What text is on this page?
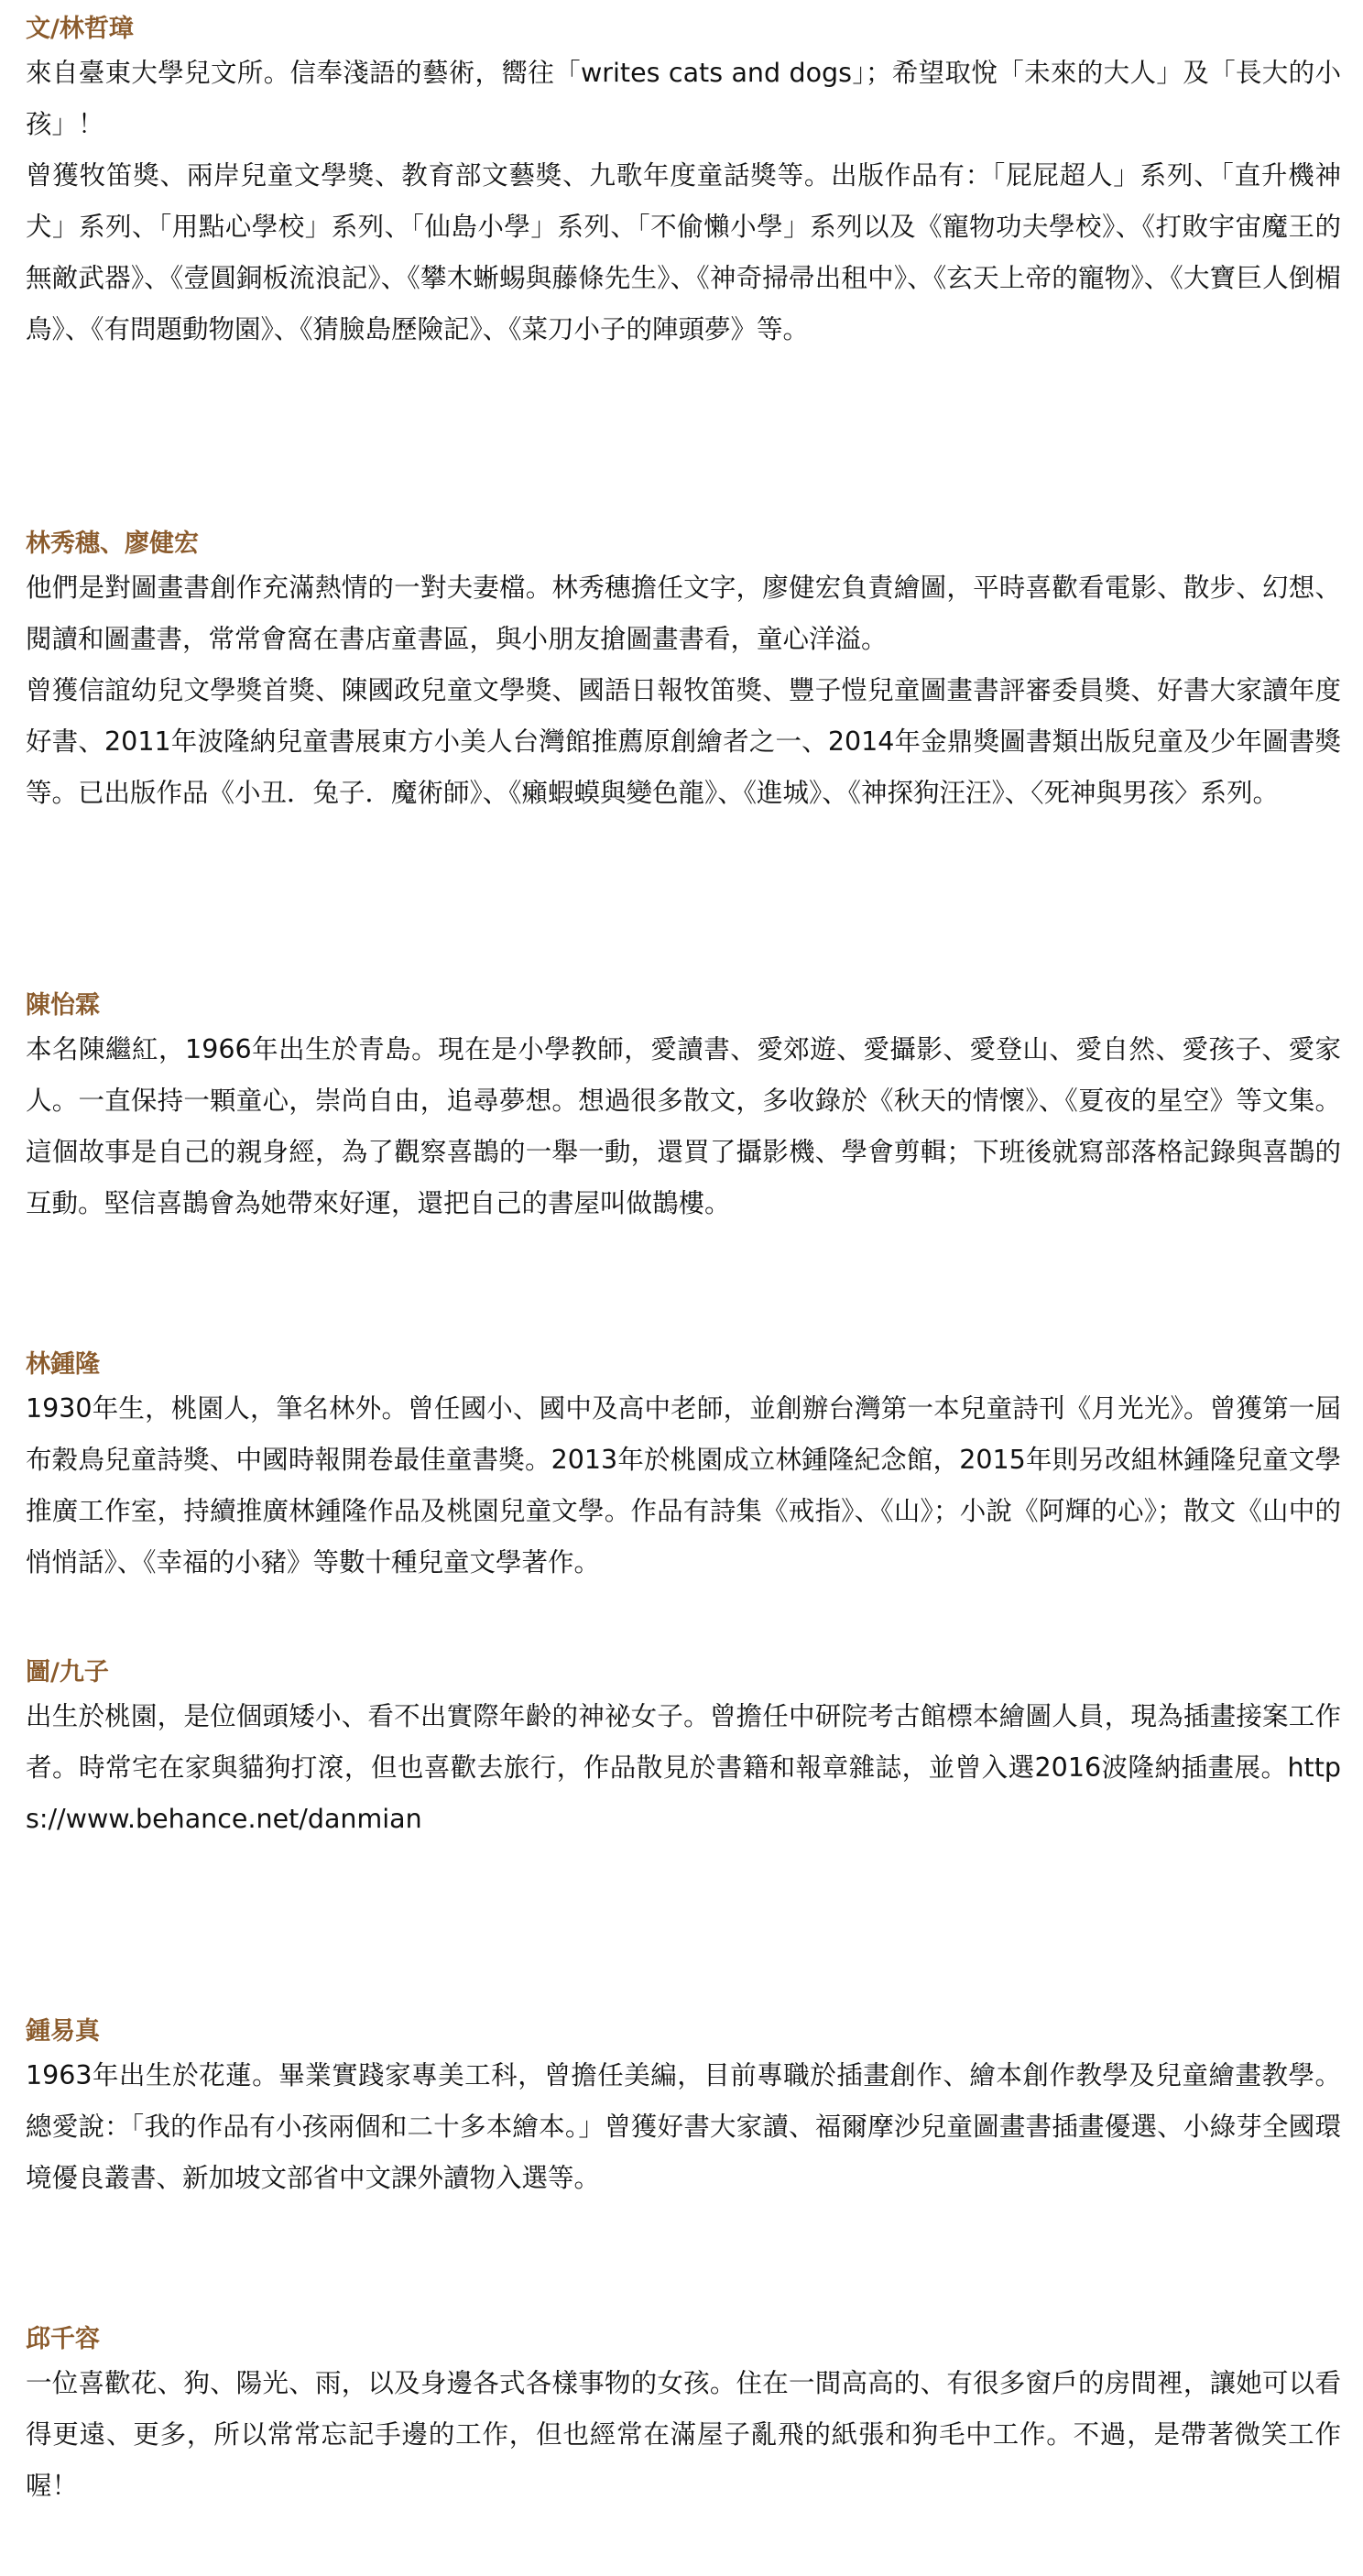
文/林哲璋

來自臺東大學兒文所。信奉淺語的藝術，嚮往「writes cats and dogs」；希望取悅「未來的大人」及「長大的小孩」！

曾獲牧笛獎、兩岸兒童文學獎、教育部文藝獎、九歌年度童話獎等。出版作品有：「屁屁超人」系列、「直升機神犬」系列、「用點心學校」系列、「仙島小學」系列、「不偷懶小學」系列以及《寵物功夫學校》、《打敗宇宙魔王的無敵武器》、《壹圓銅板流浪記》、《攀木蜥蜴與藤條先生》、《神奇掃帚出租中》、《玄天上帝的寵物》、《大寶巨人倒楣鳥》、《有問題動物園》、《猜臉島歷險記》、《菜刀小子的陣頭夢》等。

林秀穗、廖健宏

他們是對圖畫書創作充滿熱情的一對夫妻檔。林秀穗擔任文字，廖健宏負責繪圖，平時喜歡看電影、散步、幻想、閱讀和圖畫書，常常會窩在書店童書區，與小朋友搶圖畫書看，童心洋溢。

曾獲信誼幼兒文學獎首獎、陳國政兒童文學獎、國語日報牧笛獎、豐子愷兒童圖畫書評審委員獎、好書大家讀年度好書、2011年波隆納兒童書展東方小美人台灣館推薦原創繪者之一、2014年金鼎獎圖書類出版兒童及少年圖書獎等。已出版作品《小丑．兔子．魔術師》、《癩蝦蟆與變色龍》、《進城》、《神探狗汪汪》、〈死神與男孩〉系列。

陳怡霖

本名陳繼紅，1966年出生於青島。現在是小學教師，愛讀書、愛郊遊、愛攝影、愛登山、愛自然、愛孩子、愛家人。一直保持一顆童心，崇尚自由，追尋夢想。想過很多散文，多收錄於《秋天的情懷》、《夏夜的星空》等文集。這個故事是自己的親身經，為了觀察喜鵲的一舉一動，還買了攝影機、學會剪輯；下班後就寫部落格記錄與喜鵲的互動。堅信喜鵲會為她帶來好運，還把自己的書屋叫做鵲樓。

林鍾隆

1930年生，桃園人，筆名林外。曾任國小、國中及高中老師，並創辦台灣第一本兒童詩刊《月光光》。曾獲第一屆布穀鳥兒童詩獎、中國時報開卷最佳童書獎。2013年於桃園成立林鍾隆紀念館，2015年則另改組林鍾隆兒童文學推廣工作室，持續推廣林鍾隆作品及桃園兒童文學。作品有詩集《戒指》、《山》；小說《阿輝的心》；散文《山中的悄悄話》、《幸福的小豬》等數十種兒童文學著作。

圖/九子

出生於桃園，是位個頭矮小、看不出實際年齡的神祕女子。曾擔任中研院考古館標本繪圖人員，現為插畫接案工作者。時常宅在家與貓狗打滾，但也喜歡去旅行，作品散見於書籍和報章雜誌，並曾入選2016波隆納插畫展。https://www.behance.net/danmian

鍾易真

1963年出生於花蓮。畢業實踐家專美工科，曾擔任美編，目前專職於插畫創作、繪本創作教學及兒童繪畫教學。總愛說：「我的作品有小孩兩個和二十多本繪本。」曾獲好書大家讀、福爾摩沙兒童圖畫書插畫優選、小綠芽全國環境優良叢書、新加坡文部省中文課外讀物入選等。

邱千容

一位喜歡花、狗、陽光、雨，以及身邊各式各樣事物的女孩。住在一間高高的、有很多窗戶的房間裡，讓她可以看得更遠、更多，所以常常忘記手邊的工作，但也經常在滿屋子亂飛的紙張和狗毛中工作。不過，是帶著微笑工作喔！
